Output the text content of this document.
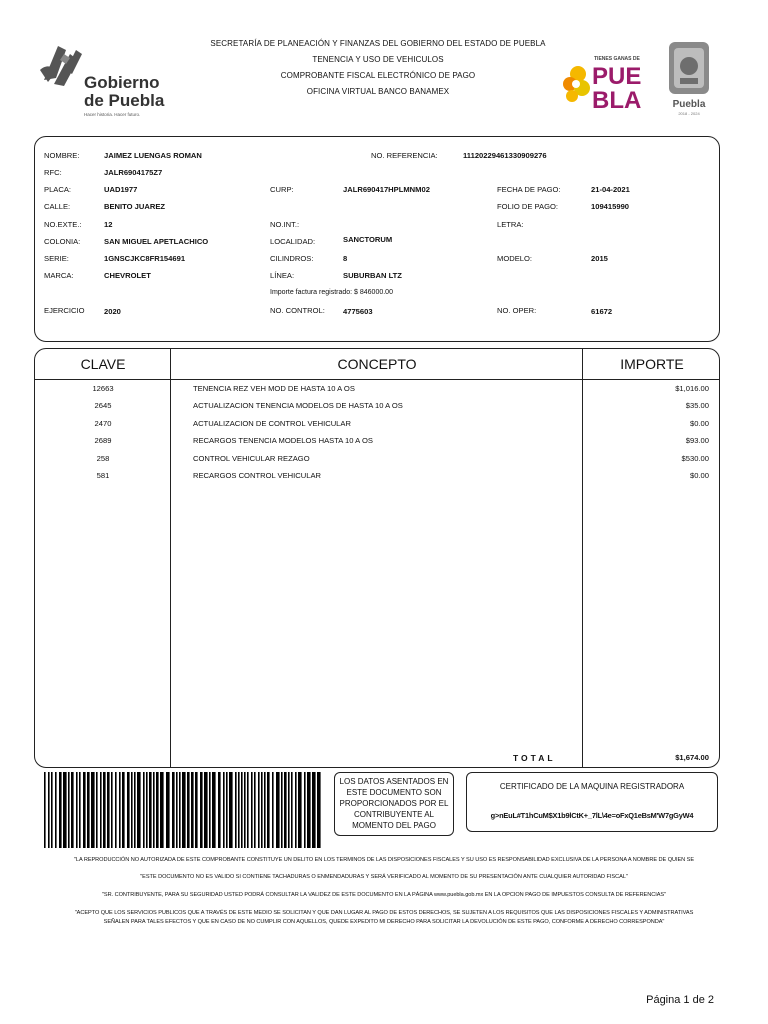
Gobierno
de Puebla
Hacer historia. Hacer futuro.
SECRETARÍA DE PLANEACIÓN Y FINANZAS DEL GOBIERNO DEL ESTADO DE PUEBLA
TENENCIA Y USO DE VEHICULOS
COMPROBANTE FISCAL ELECTRÓNICO DE PAGO
OFICINA VIRTUAL BANCO BANAMEX
TIENES GANAS DE
PUE
BLA	Puebla
2018 - 2024
NOMBRE:	JAIMEZ LUENGAS ROMAN	NO. REFERENCIA:	11120229461330909276
RFC:	JALR6904175Z7
PLACA:	UAD1977	CURP:	JALR690417HPLMNM02	FECHA DE PAGO:	21-04-2021
CALLE:	BENITO JUAREZ	FOLIO DE PAGO:	109415990
NO.EXTE.:	12	NO.INT.:	LETRA:
COLONIA:	SAN MIGUEL APETLACHICO	LOCALIDAD:	SANCTORUM
SERIE:	1GNSCJKC8FR154691	CILINDROS:	8	MODELO:	2015
MARCA:	CHEVROLET	LÍNEA:	SUBURBAN LTZ
Importe factura registrado: $ 846000.00
EJERCICIO	2020	NO. CONTROL: 4775603	NO. OPER:	61672
CLAVE	CONCEPTO	IMPORTE
12663	TENENCIA REZ VEH MOD DE HASTA 10 A OS	$1,016.00
2645	ACTUALIZACION TENENCIA MODELOS DE HASTA 10 A OS	$35.00
2470	ACTUALIZACION DE CONTROL VEHICULAR	$0.00
2689	RECARGOS TENENCIA MODELOS HASTA 10 A OS	$93.00
258	CONTROL VEHICULAR REZAGO	$530.00
581	RECARGOS CONTROL VEHICULAR	$0.00
TOTAL	$1,674.00
LOS DATOS ASENTADOS EN
ESTE DOCUMENTO SON
PROPORCIONADOS POR EL
CONTRIBUYENTE AL
MOMENTO DEL PAGO
CERTIFICADO DE LA MAQUINA REGISTRADORA
g>nEuL#T1hCuM$X1b9lCtK+_7lL\4e=oFxQ1eBsM'W7gGyW4
"LA REPRODUCCIÓN NO AUTORIZADA DE ESTE COMPROBANTE CONSTITUYE UN DELITO EN LOS TERMINOS DE LAS DISPOSICIONES FISCALES Y SU USO ES RESPONSABILIDAD EXCLUSIVA DE LA PERSONA A NOMBRE DE QUIEN SE
"ESTE DOCUMENTO NO ES VALIDO SI CONTIENE TACHADURAS O ENMENDADURAS Y SERÁ VERIFICADO AL MOMENTO DE SU PRESENTACIÓN ANTE CUALQUIER AUTORIDAD FISCAL"
"SR. CONTRIBUYENTE, PARA SU SEGURIDAD USTED PODRÁ CONSULTAR LA VALIDEZ DE ESTE DOCUMENTO EN LA PÁGINA www.puebla.gob.mx EN LA OPCION PAGO DE IMPUESTOS CONSULTA DE REFERENCIAS"
"ACEPTO QUE LOS SERVICIOS PUBLICOS QUE A TRAVÉS DE ESTE MEDIO SE SOLICITAN Y QUE DAN LUGAR AL PAGO DE ESTOS DERECHOS, SE SUJETEN A LOS REQUISITOS QUE LAS DISPOSICIONES FISCALES Y ADMINISTRATIVAS
SEÑALEN PARA TALES EFECTOS Y QUE EN CASO DE NO CUMPLIR CON AQUELLOS, QUEDE EXPEDITO MI DERECHO PARA SOLICITAR LA DEVOLUCIÓN DE ESTE PAGO, CONFORME A DERECHO CORRESPONDA"
Página 1 de 2
